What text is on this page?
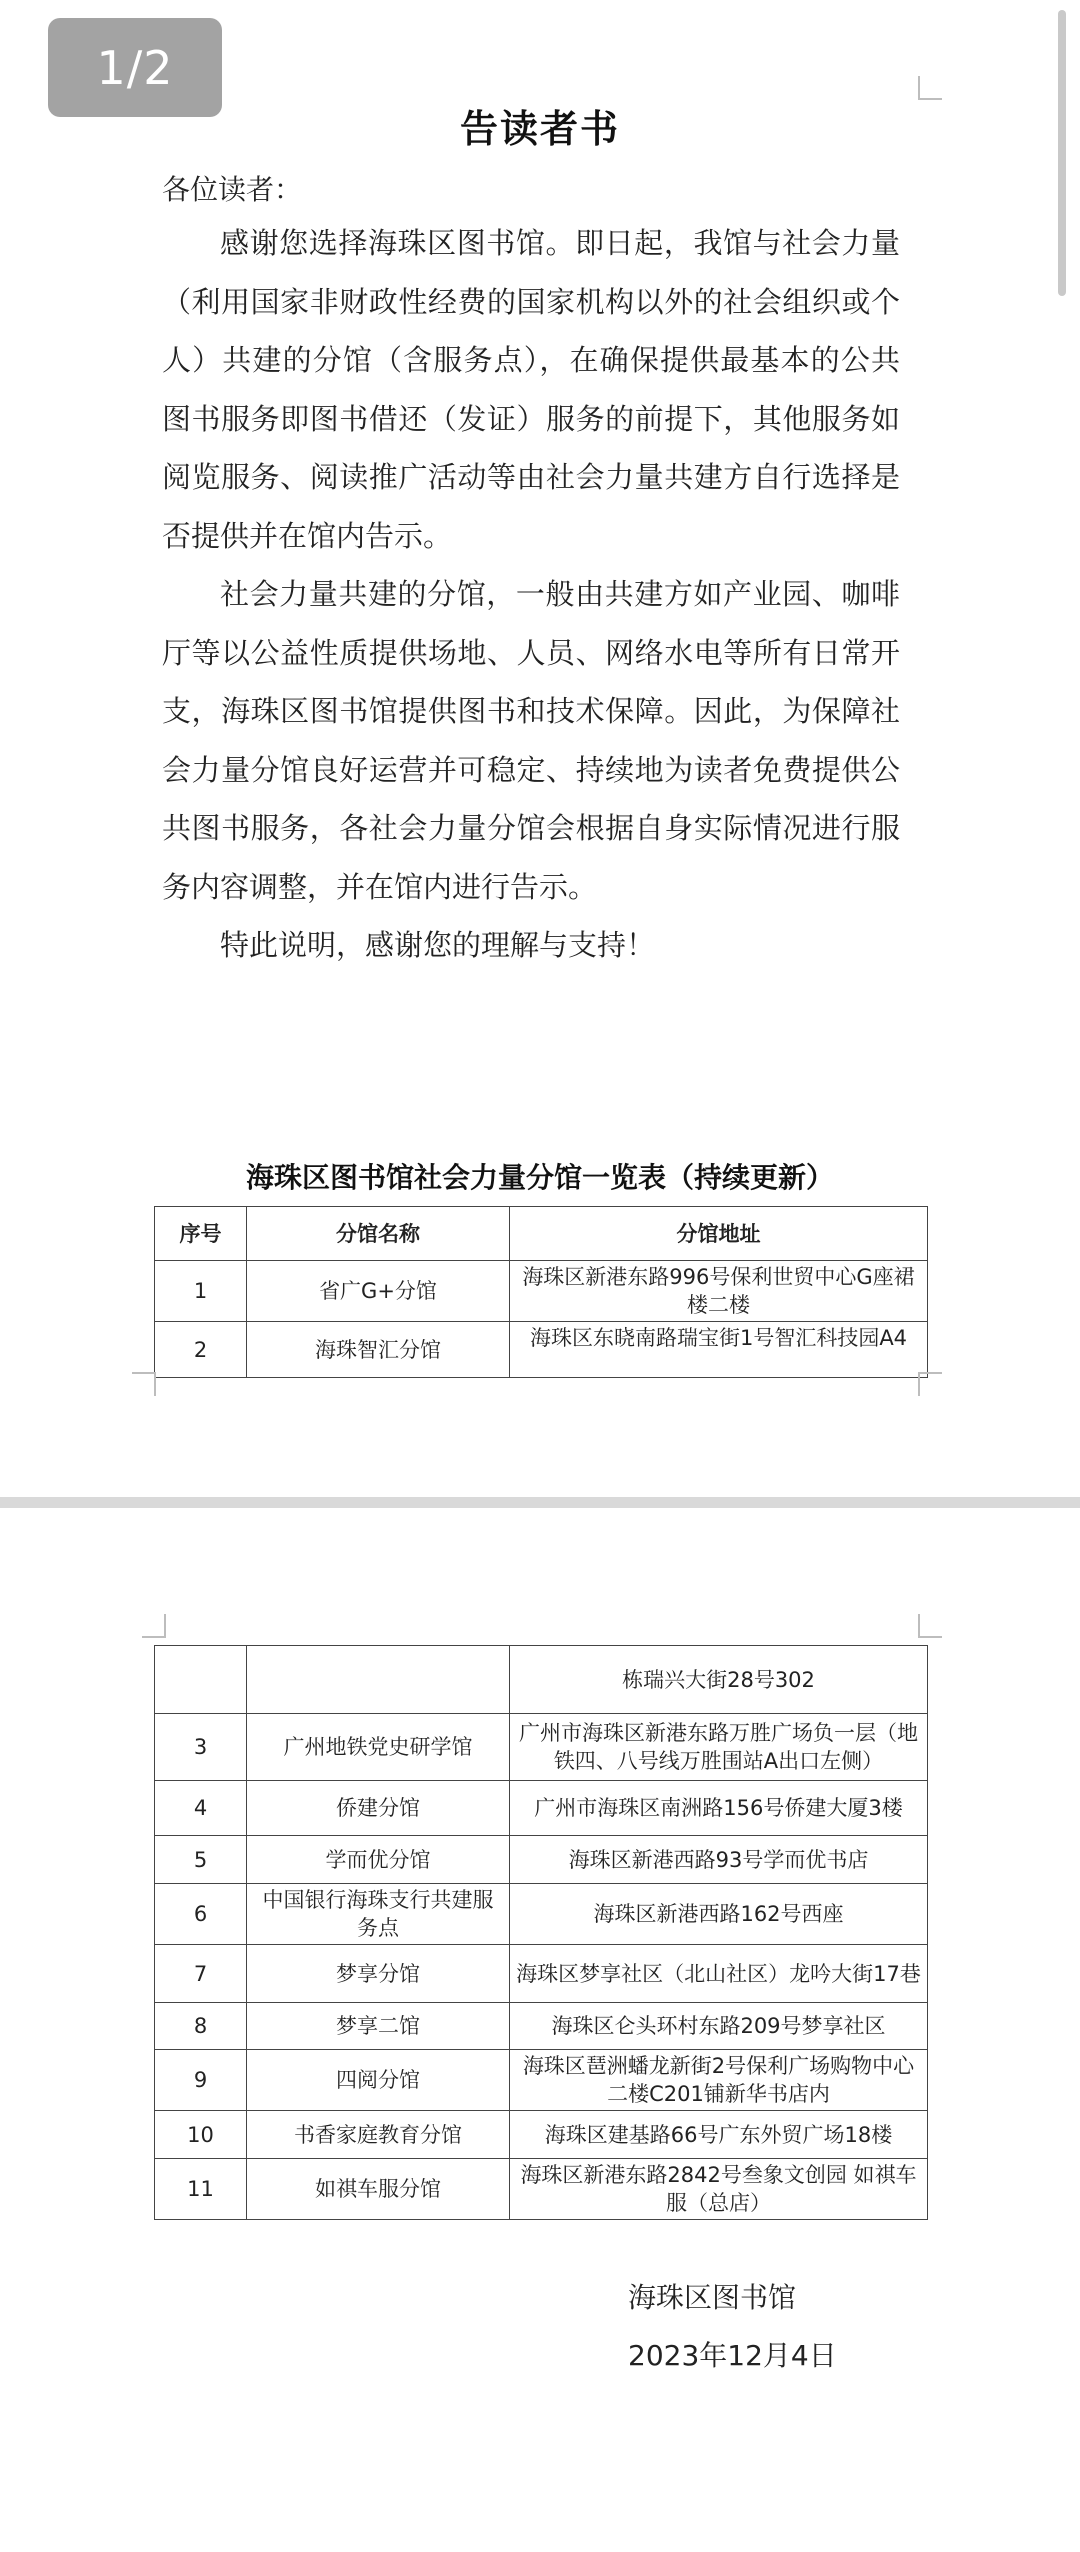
1/2
告读者书
各位读者：

感谢您选择海珠区图书馆。即日起，我馆与社会力量（利用国家非财政性经费的国家机构以外的社会组织或个人）共建的分馆（含服务点），在确保提供最基本的公共图书服务即图书借还（发证）服务的前提下，其他服务如阅览服务、阅读推广活动等由社会力量共建方自行选择是否提供并在馆内告示。

社会力量共建的分馆，一般由共建方如产业园、咖啡厅等以公益性质提供场地、人员、网络水电等所有日常开支，海珠区图书馆提供图书和技术保障。因此，为保障社会力量分馆良好运营并可稳定、持续地为读者免费提供公共图书服务，各社会力量分馆会根据自身实际情况进行服务内容调整，并在馆内进行告示。

特此说明，感谢您的理解与支持！

海珠区图书馆社会力量分馆一览表（持续更新）
序号	分馆名称	分馆地址
1	省广G+分馆	海珠区新港东路996号保利世贸中心G座裙楼二楼
2	海珠智汇分馆	海珠区东晓南路瑞宝街1号智汇科技园A4
		栋瑞兴大街28号302
3	广州地铁党史研学馆	广州市海珠区新港东路万胜广场负一层（地铁四、八号线万胜围站A出口左侧）
4	侨建分馆	广州市海珠区南洲路156号侨建大厦3楼
5	学而优分馆	海珠区新港西路93号学而优书店
6	中国银行海珠支行共建服务点	海珠区新港西路162号西座
7	梦享分馆	海珠区梦享社区（北山社区）龙吟大街17巷
8	梦享二馆	海珠区仑头环村东路209号梦享社区
9	四阅分馆	海珠区琶洲蟠龙新街2号保利广场购物中心二楼C201铺新华书店内
10	书香家庭教育分馆	海珠区建基路66号广东外贸广场18楼
11	如祺车服分馆	海珠区新港东路2842号叁象文创园 如祺车服（总店）
海珠区图书馆
2023年12月4日
